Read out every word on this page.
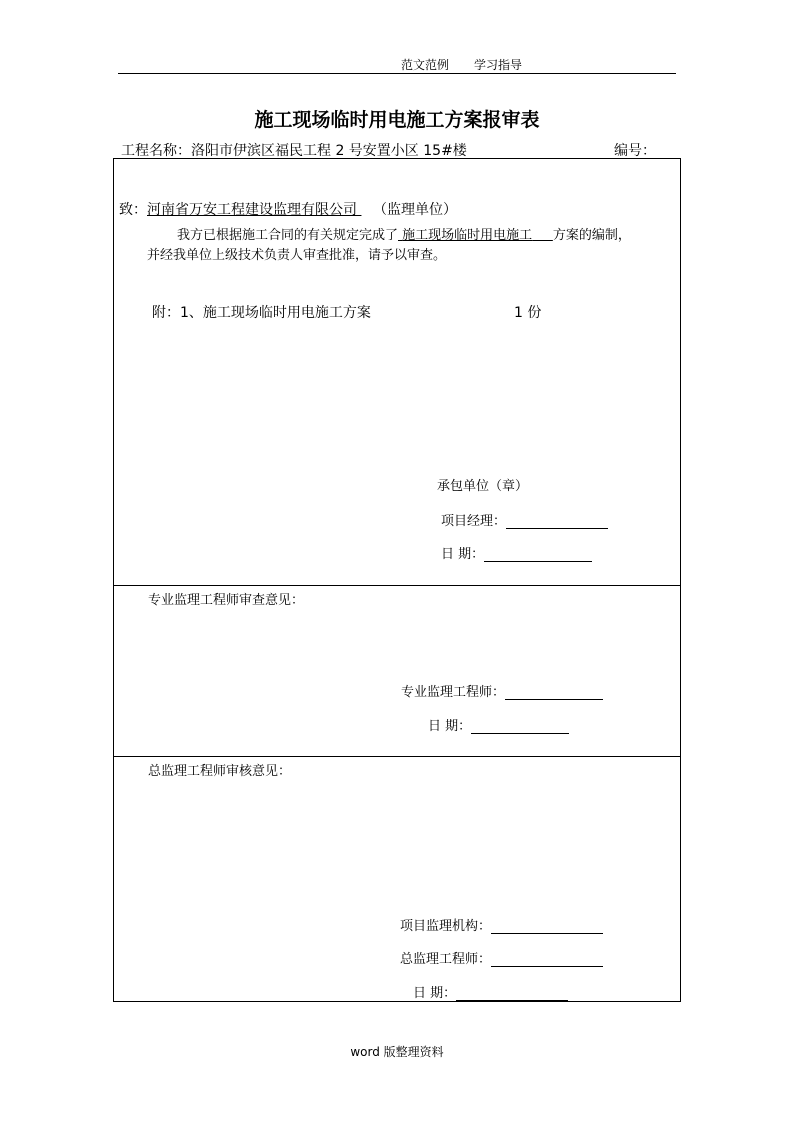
范文范例 学习指导
施工现场临时用电施工方案报审表
工程名称：洛阳市伊滨区福民工程 2 号安置小区 15#楼	编号：
致：河南省万安工程建设监理有限公司 （监理单位）
我方已根据施工合同的有关规定完成了 施工现场临时用电施工 方案的编制，
并经我单位上级技术负责人审查批准，请予以审查。
附：1、施工现场临时用电施工方案	1 份
承包单位（章）
项目经理：
日 期：
专业监理工程师审查意见：
专业监理工程师：
日 期：
总监理工程师审核意见：
项目监理机构：
总监理工程师：
日 期：
word 版整理资料
